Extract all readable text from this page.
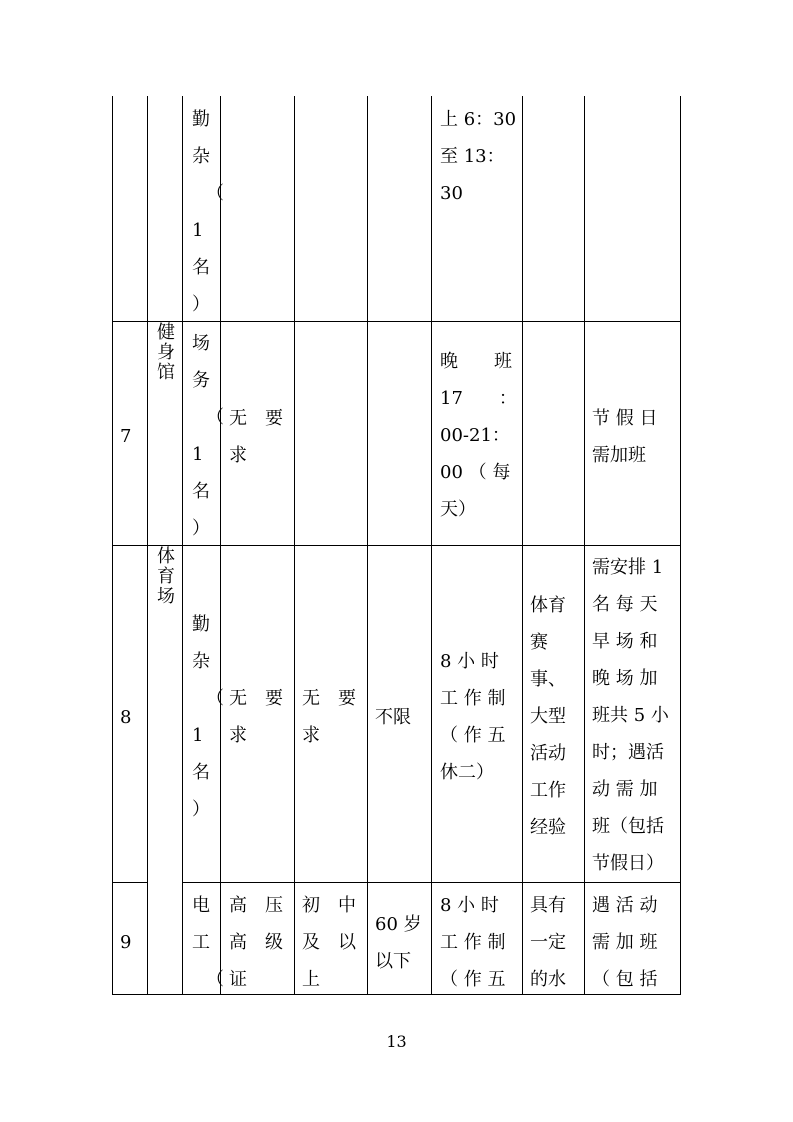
勤
杂
（
1
名
）
上 6：30
至 13：
30
7
健
身
馆
场
务
（
1
名
）
无　要
求
晚　　班
17　　：
00-21：
00 （ 每
天）
节 假 日
需加班
8
体
育
场
勤
杂
（
1
名
）
无　要
求
无　要
求
不限
8 小 时
工 作 制
（ 作 五
休二）
体育
赛
事、
大型
活动
工作
经验
需安排 1
名 每 天
早 场 和
晚 场 加
班共 5 小
时；遇活
动 需 加
班（包括
节假日）
9
电
工
（
高　压
高　级
证
初　中
及　以
上
60 岁
以下
8 小 时
工 作 制
（ 作 五
具有
一定
的水
遇 活 动
需 加 班
（ 包 括
13
